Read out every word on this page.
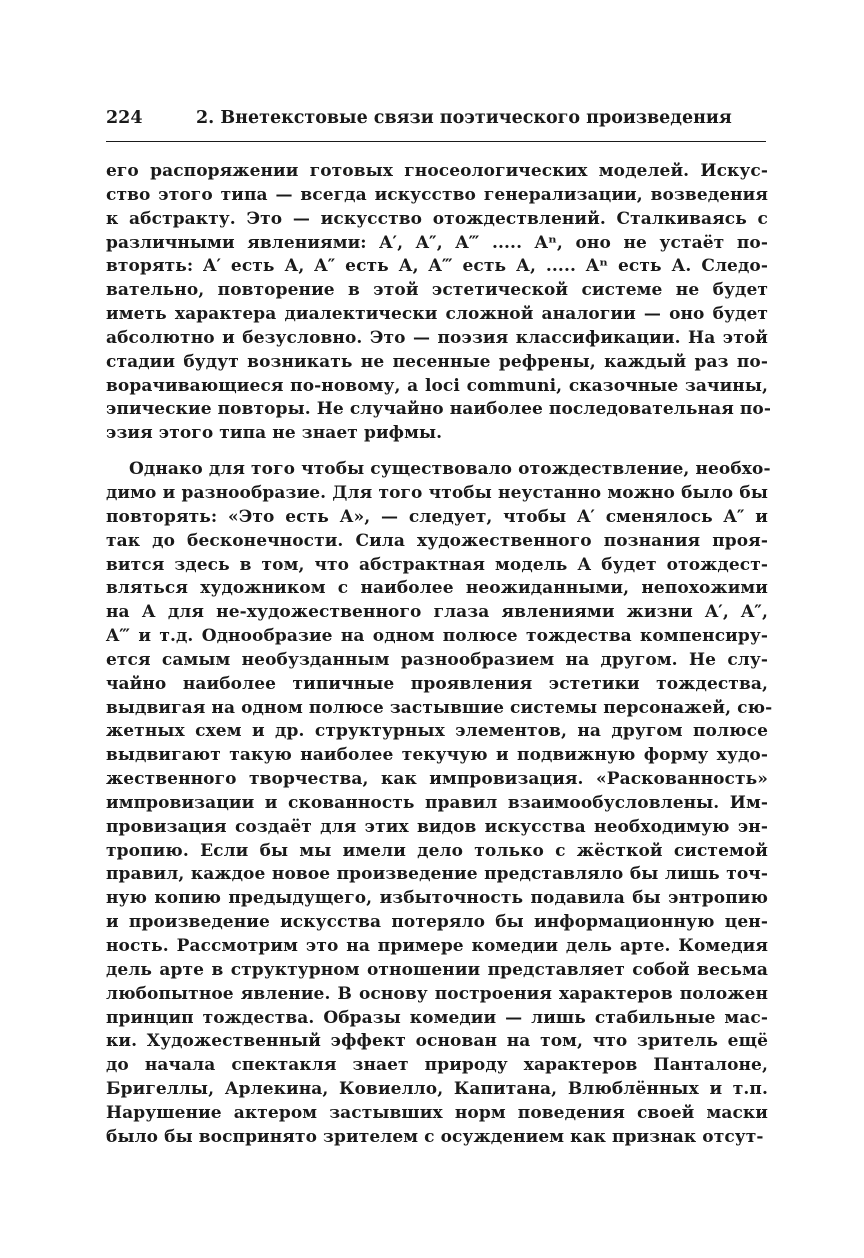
224	2. Внетекстовые связи поэтического произведения
его распоряжении готовых гносеологических моделей. Искус-
ство этого типа — всегда искусство генерализации, возведения
к абстракту. Это — искусство отождествлений. Сталкиваясь с
различными явлениями: A′, A″, A‴ ..... Aⁿ, оно не устаёт по-
вторять: A′ есть А, A″ есть А, A‴ есть А, ..... Aⁿ есть А. Следо-
вательно, повторение в этой эстетической системе не будет
иметь характера диалектически сложной аналогии — оно будет
абсолютно и безусловно. Это — поэзия классификации. На этой
стадии будут возникать не песенные рефрены, каждый раз по-
ворачивающиеся по-новому, а loci communi, сказочные зачины,
эпические повторы. Не случайно наиболее последовательная по-
эзия этого типа не знает рифмы.
Однако для того чтобы существовало отождествление, необхо-
димо и разнообразие. Для того чтобы неустанно можно было бы
повторять: «Это есть А», — следует, чтобы A′ сменялось A″ и
так до бесконечности. Сила художественного познания проя-
вится здесь в том, что абстрактная модель А будет отождест-
вляться художником с наиболее неожиданными, непохожими
на А для не-художественного глаза явлениями жизни A′, A″,
A‴ и т.д. Однообразие на одном полюсе тождества компенсиру-
ется самым необузданным разнообразием на другом. Не слу-
чайно наиболее типичные проявления эстетики тождества,
выдвигая на одном полюсе застывшие системы персонажей, сю-
жетных схем и др. структурных элементов, на другом полюсе
выдвигают такую наиболее текучую и подвижную форму худо-
жественного творчества, как импровизация. «Раскованность»
импровизации и скованность правил взаимообусловлены. Им-
провизация создаёт для этих видов искусства необходимую эн-
тропию. Если бы мы имели дело только с жёсткой системой
правил, каждое новое произведение представляло бы лишь точ-
ную копию предыдущего, избыточность подавила бы энтропию
и произведение искусства потеряло бы информационную цен-
ность. Рассмотрим это на примере комедии дель арте. Комедия
дель арте в структурном отношении представляет собой весьма
любопытное явление. В основу построения характеров положен
принцип тождества. Образы комедии — лишь стабильные мас-
ки. Художественный эффект основан на том, что зритель ещё
до начала спектакля знает природу характеров Панталоне,
Бригеллы, Арлекина, Ковиелло, Капитана, Влюблённых и т.п.
Нарушение актером застывших норм поведения своей маски
было бы воспринято зрителем с осуждением как признак отсут-
